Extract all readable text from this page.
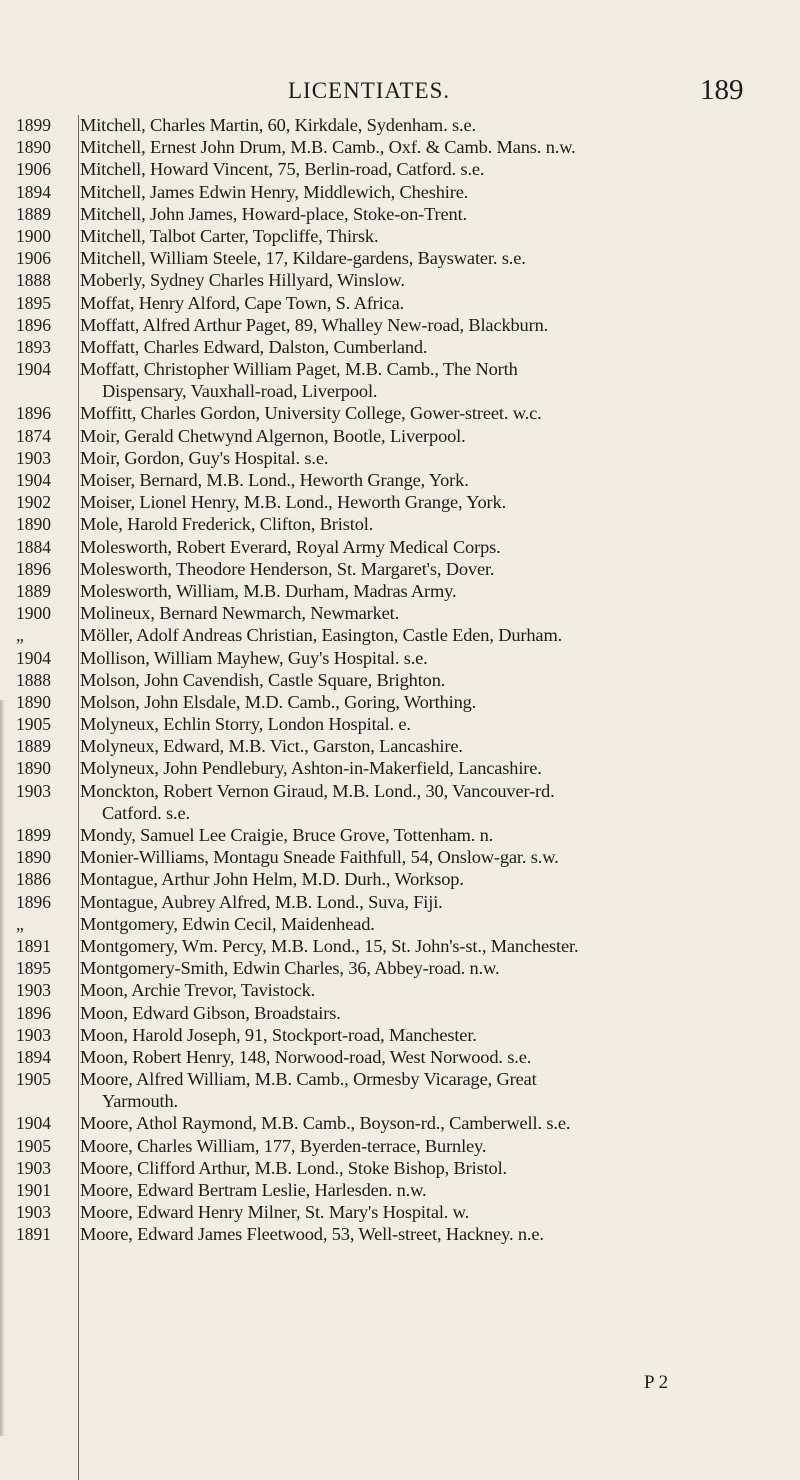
LICENTIATES.	189
1899	Mitchell, Charles Martin, 60, Kirkdale, Sydenham. s.e.
1890	Mitchell, Ernest John Drum, M.B. Camb., Oxf. & Camb. Mans. n.w.
1906	Mitchell, Howard Vincent, 75, Berlin-road, Catford. s.e.
1894	Mitchell, James Edwin Henry, Middlewich, Cheshire.
1889	Mitchell, John James, Howard-place, Stoke-on-Trent.
1900	Mitchell, Talbot Carter, Topcliffe, Thirsk.
1906	Mitchell, William Steele, 17, Kildare-gardens, Bayswater. s.e.
1888	Moberly, Sydney Charles Hillyard, Winslow.
1895	Moffat, Henry Alford, Cape Town, S. Africa.
1896	Moffatt, Alfred Arthur Paget, 89, Whalley New-road, Blackburn.
1893	Moffatt, Charles Edward, Dalston, Cumberland.
1904	Moffatt, Christopher William Paget, M.B. Camb., The North
Dispensary, Vauxhall-road, Liverpool.
1896	Moffitt, Charles Gordon, University College, Gower-street. w.c.
1874	Moir, Gerald Chetwynd Algernon, Bootle, Liverpool.
1903	Moir, Gordon, Guy's Hospital. s.e.
1904	Moiser, Bernard, M.B. Lond., Heworth Grange, York.
1902	Moiser, Lionel Henry, M.B. Lond., Heworth Grange, York.
1890	Mole, Harold Frederick, Clifton, Bristol.
1884	Molesworth, Robert Everard, Royal Army Medical Corps.
1896	Molesworth, Theodore Henderson, St. Margaret's, Dover.
1889	Molesworth, William, M.B. Durham, Madras Army.
1900	Molineux, Bernard Newmarch, Newmarket.
„	Möller, Adolf Andreas Christian, Easington, Castle Eden, Durham.
1904	Mollison, William Mayhew, Guy's Hospital. s.e.
1888	Molson, John Cavendish, Castle Square, Brighton.
1890	Molson, John Elsdale, M.D. Camb., Goring, Worthing.
1905	Molyneux, Echlin Storry, London Hospital. e.
1889	Molyneux, Edward, M.B. Vict., Garston, Lancashire.
1890	Molyneux, John Pendlebury, Ashton-in-Makerfield, Lancashire.
1903	Monckton, Robert Vernon Giraud, M.B. Lond., 30, Vancouver-rd.
Catford. s.e.
1899	Mondy, Samuel Lee Craigie, Bruce Grove, Tottenham. n.
1890	Monier-Williams, Montagu Sneade Faithfull, 54, Onslow-gar. s.w.
1886	Montague, Arthur John Helm, M.D. Durh., Worksop.
1896	Montague, Aubrey Alfred, M.B. Lond., Suva, Fiji.
„	Montgomery, Edwin Cecil, Maidenhead.
1891	Montgomery, Wm. Percy, M.B. Lond., 15, St. John's-st., Manchester.
1895	Montgomery-Smith, Edwin Charles, 36, Abbey-road. n.w.
1903	Moon, Archie Trevor, Tavistock.
1896	Moon, Edward Gibson, Broadstairs.
1903	Moon, Harold Joseph, 91, Stockport-road, Manchester.
1894	Moon, Robert Henry, 148, Norwood-road, West Norwood. s.e.
1905	Moore, Alfred William, M.B. Camb., Ormesby Vicarage, Great
Yarmouth.
1904	Moore, Athol Raymond, M.B. Camb., Boyson-rd., Camberwell. s.e.
1905	Moore, Charles William, 177, Byerden-terrace, Burnley.
1903	Moore, Clifford Arthur, M.B. Lond., Stoke Bishop, Bristol.
1901	Moore, Edward Bertram Leslie, Harlesden. n.w.
1903	Moore, Edward Henry Milner, St. Mary's Hospital. w.
1891	Moore, Edward James Fleetwood, 53, Well-street, Hackney. n.e.
P 2
